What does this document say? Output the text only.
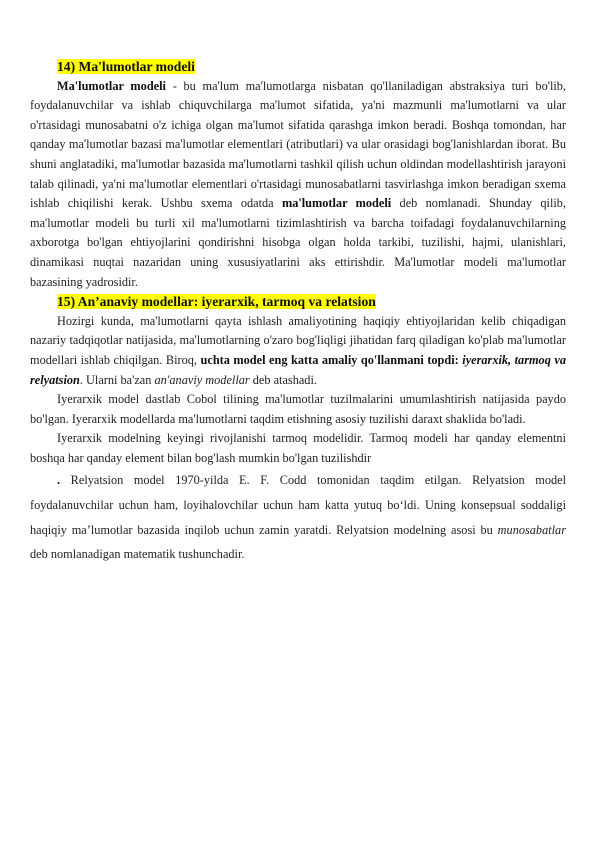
14) Ma'lumotlar modeli

Ma'lumotlar modeli - bu ma'lum ma'lumotlarga nisbatan qo'llaniladigan abstraksiya turi bo'lib, foydalanuvchilar va ishlab chiquvchilarga ma'lumot sifatida, ya'ni mazmunli ma'lumotlarni va ular o'rtasidagi munosabatni o'z ichiga olgan ma'lumot sifatida qarashga imkon beradi. Boshqa tomondan, har qanday ma'lumotlar bazasi ma'lumotlar elementlari (atributlari) va ular orasidagi bog'lanishlardan iborat. Bu shuni anglatadiki, ma'lumotlar bazasida ma'lumotlarni tashkil qilish uchun oldindan modellashtirish jarayoni talab qilinadi, ya'ni ma'lumotlar elementlari o'rtasidagi munosabatlarni tasvirlashga imkon beradigan sxema ishlab chiqilishi kerak. Ushbu sxema odatda ma'lumotlar modeli deb nomlanadi. Shunday qilib, ma'lumotlar modeli bu turli xil ma'lumotlarni tizimlashtirish va barcha toifadagi foydalanuvchilarning axborotga bo'lgan ehtiyojlarini qondirishni hisobga olgan holda tarkibi, tuzilishi, hajmi, ulanishlari, dinamikasi nuqtai nazaridan uning xususiyatlarini aks ettirishdir. Ma'lumotlar modeli ma'lumotlar bazasining yadrosidir.

15) An’anaviy modellar: iyerarxik, tarmoq va relatsion

Hozirgi kunda, ma'lumotlarni qayta ishlash amaliyotining haqiqiy ehtiyojlaridan kelib chiqadigan nazariy tadqiqotlar natijasida, ma'lumotlarning o'zaro bog'liqligi jihatidan farq qiladigan ko'plab ma'lumotlar modellari ishlab chiqilgan. Biroq, uchta model eng katta amaliy qo'llanmani topdi: iyerarxik, tarmoq va relyatsion. Ularni ba'zan an'anaviy modellar deb atashadi.

Iyerarxik model dastlab Cobol tilining ma'lumotlar tuzilmalarini umumlashtirish natijasida paydo bo'lgan. Iyerarxik modellarda ma'lumotlarni taqdim etishning asosiy tuzilishi daraxt shaklida bo'ladi.

Iyerarxik modelning keyingi rivojlanishi tarmoq modelidir. Tarmoq modeli har qanday elementni boshqa har qanday element bilan bog'lash mumkin bo'lgan tuzilishdir

. Relyatsion model 1970-yilda E. F. Codd tomonidan taqdim etilgan. Relyatsion model foydalanuvchilar uchun ham, loyihalovchilar uchun ham katta yutuq bo‘ldi. Uning konsepsual soddaligi haqiqiy ma’lumotlar bazasida inqilob uchun zamin yaratdi. Relyatsion modelning asosi bu munosabatlar deb nomlanadigan matematik tushunchadir.
